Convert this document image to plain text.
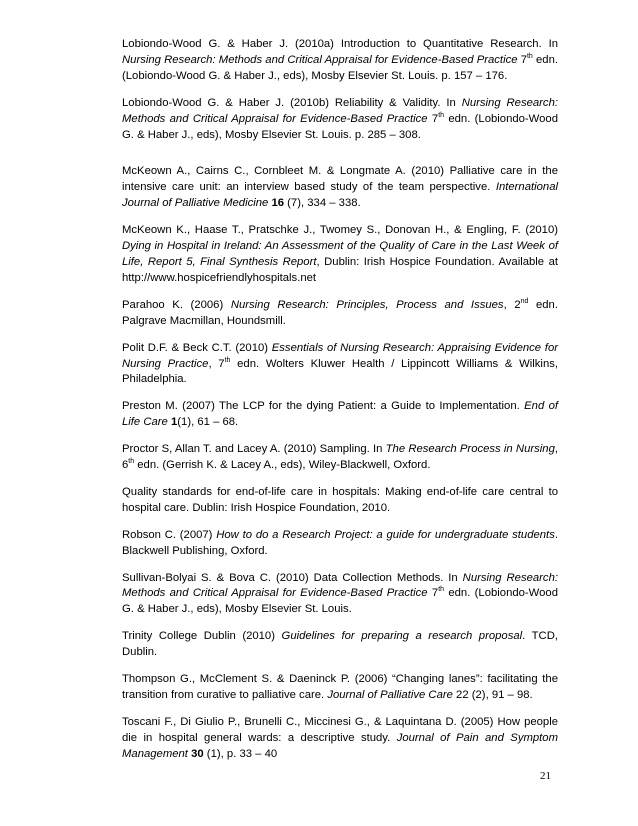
Lobiondo-Wood G. & Haber J. (2010a) Introduction to Quantitative Research. In Nursing Research: Methods and Critical Appraisal for Evidence-Based Practice 7th edn. (Lobiondo-Wood G. & Haber J., eds), Mosby Elsevier St. Louis. p. 157 – 176.

Lobiondo-Wood G. & Haber J. (2010b) Reliability & Validity. In Nursing Research: Methods and Critical Appraisal for Evidence-Based Practice 7th edn. (Lobiondo-Wood G. & Haber J., eds), Mosby Elsevier St. Louis. p. 285 – 308.

McKeown A., Cairns C., Cornbleet M. & Longmate A. (2010) Palliative care in the intensive care unit: an interview based study of the team perspective. International Journal of Palliative Medicine 16 (7), 334 – 338.

McKeown K., Haase T., Pratschke J., Twomey S., Donovan H., & Engling, F. (2010) Dying in Hospital in Ireland: An Assessment of the Quality of Care in the Last Week of Life, Report 5, Final Synthesis Report, Dublin: Irish Hospice Foundation. Available at http://www.hospicefriendlyhospitals.net

Parahoo K. (2006) Nursing Research: Principles, Process and Issues, 2nd edn. Palgrave Macmillan, Houndsmill.

Polit D.F. & Beck C.T. (2010) Essentials of Nursing Research: Appraising Evidence for Nursing Practice, 7th edn. Wolters Kluwer Health / Lippincott Williams & Wilkins, Philadelphia.

Preston M. (2007) The LCP for the dying Patient: a Guide to Implementation. End of Life Care 1(1), 61 – 68.

Proctor S, Allan T. and Lacey A. (2010) Sampling. In The Research Process in Nursing, 6th edn. (Gerrish K. & Lacey A., eds), Wiley-Blackwell, Oxford.

Quality standards for end-of-life care in hospitals: Making end-of-life care central to hospital care. Dublin: Irish Hospice Foundation, 2010.

Robson C. (2007) How to do a Research Project: a guide for undergraduate students. Blackwell Publishing, Oxford.

Sullivan-Bolyai S. & Bova C. (2010) Data Collection Methods. In Nursing Research: Methods and Critical Appraisal for Evidence-Based Practice 7th edn. (Lobiondo-Wood G. & Haber J., eds), Mosby Elsevier St. Louis.

Trinity College Dublin (2010) Guidelines for preparing a research proposal. TCD, Dublin.

Thompson G., McClement S. & Daeninck P. (2006) “Changing lanes”: facilitating the transition from curative to palliative care. Journal of Palliative Care 22 (2), 91 – 98.

Toscani F., Di Giulio P., Brunelli C., Miccinesi G., & Laquintana D. (2005) How people die in hospital general wards: a descriptive study. Journal of Pain and Symptom Management 30 (1), p. 33 – 40

21
